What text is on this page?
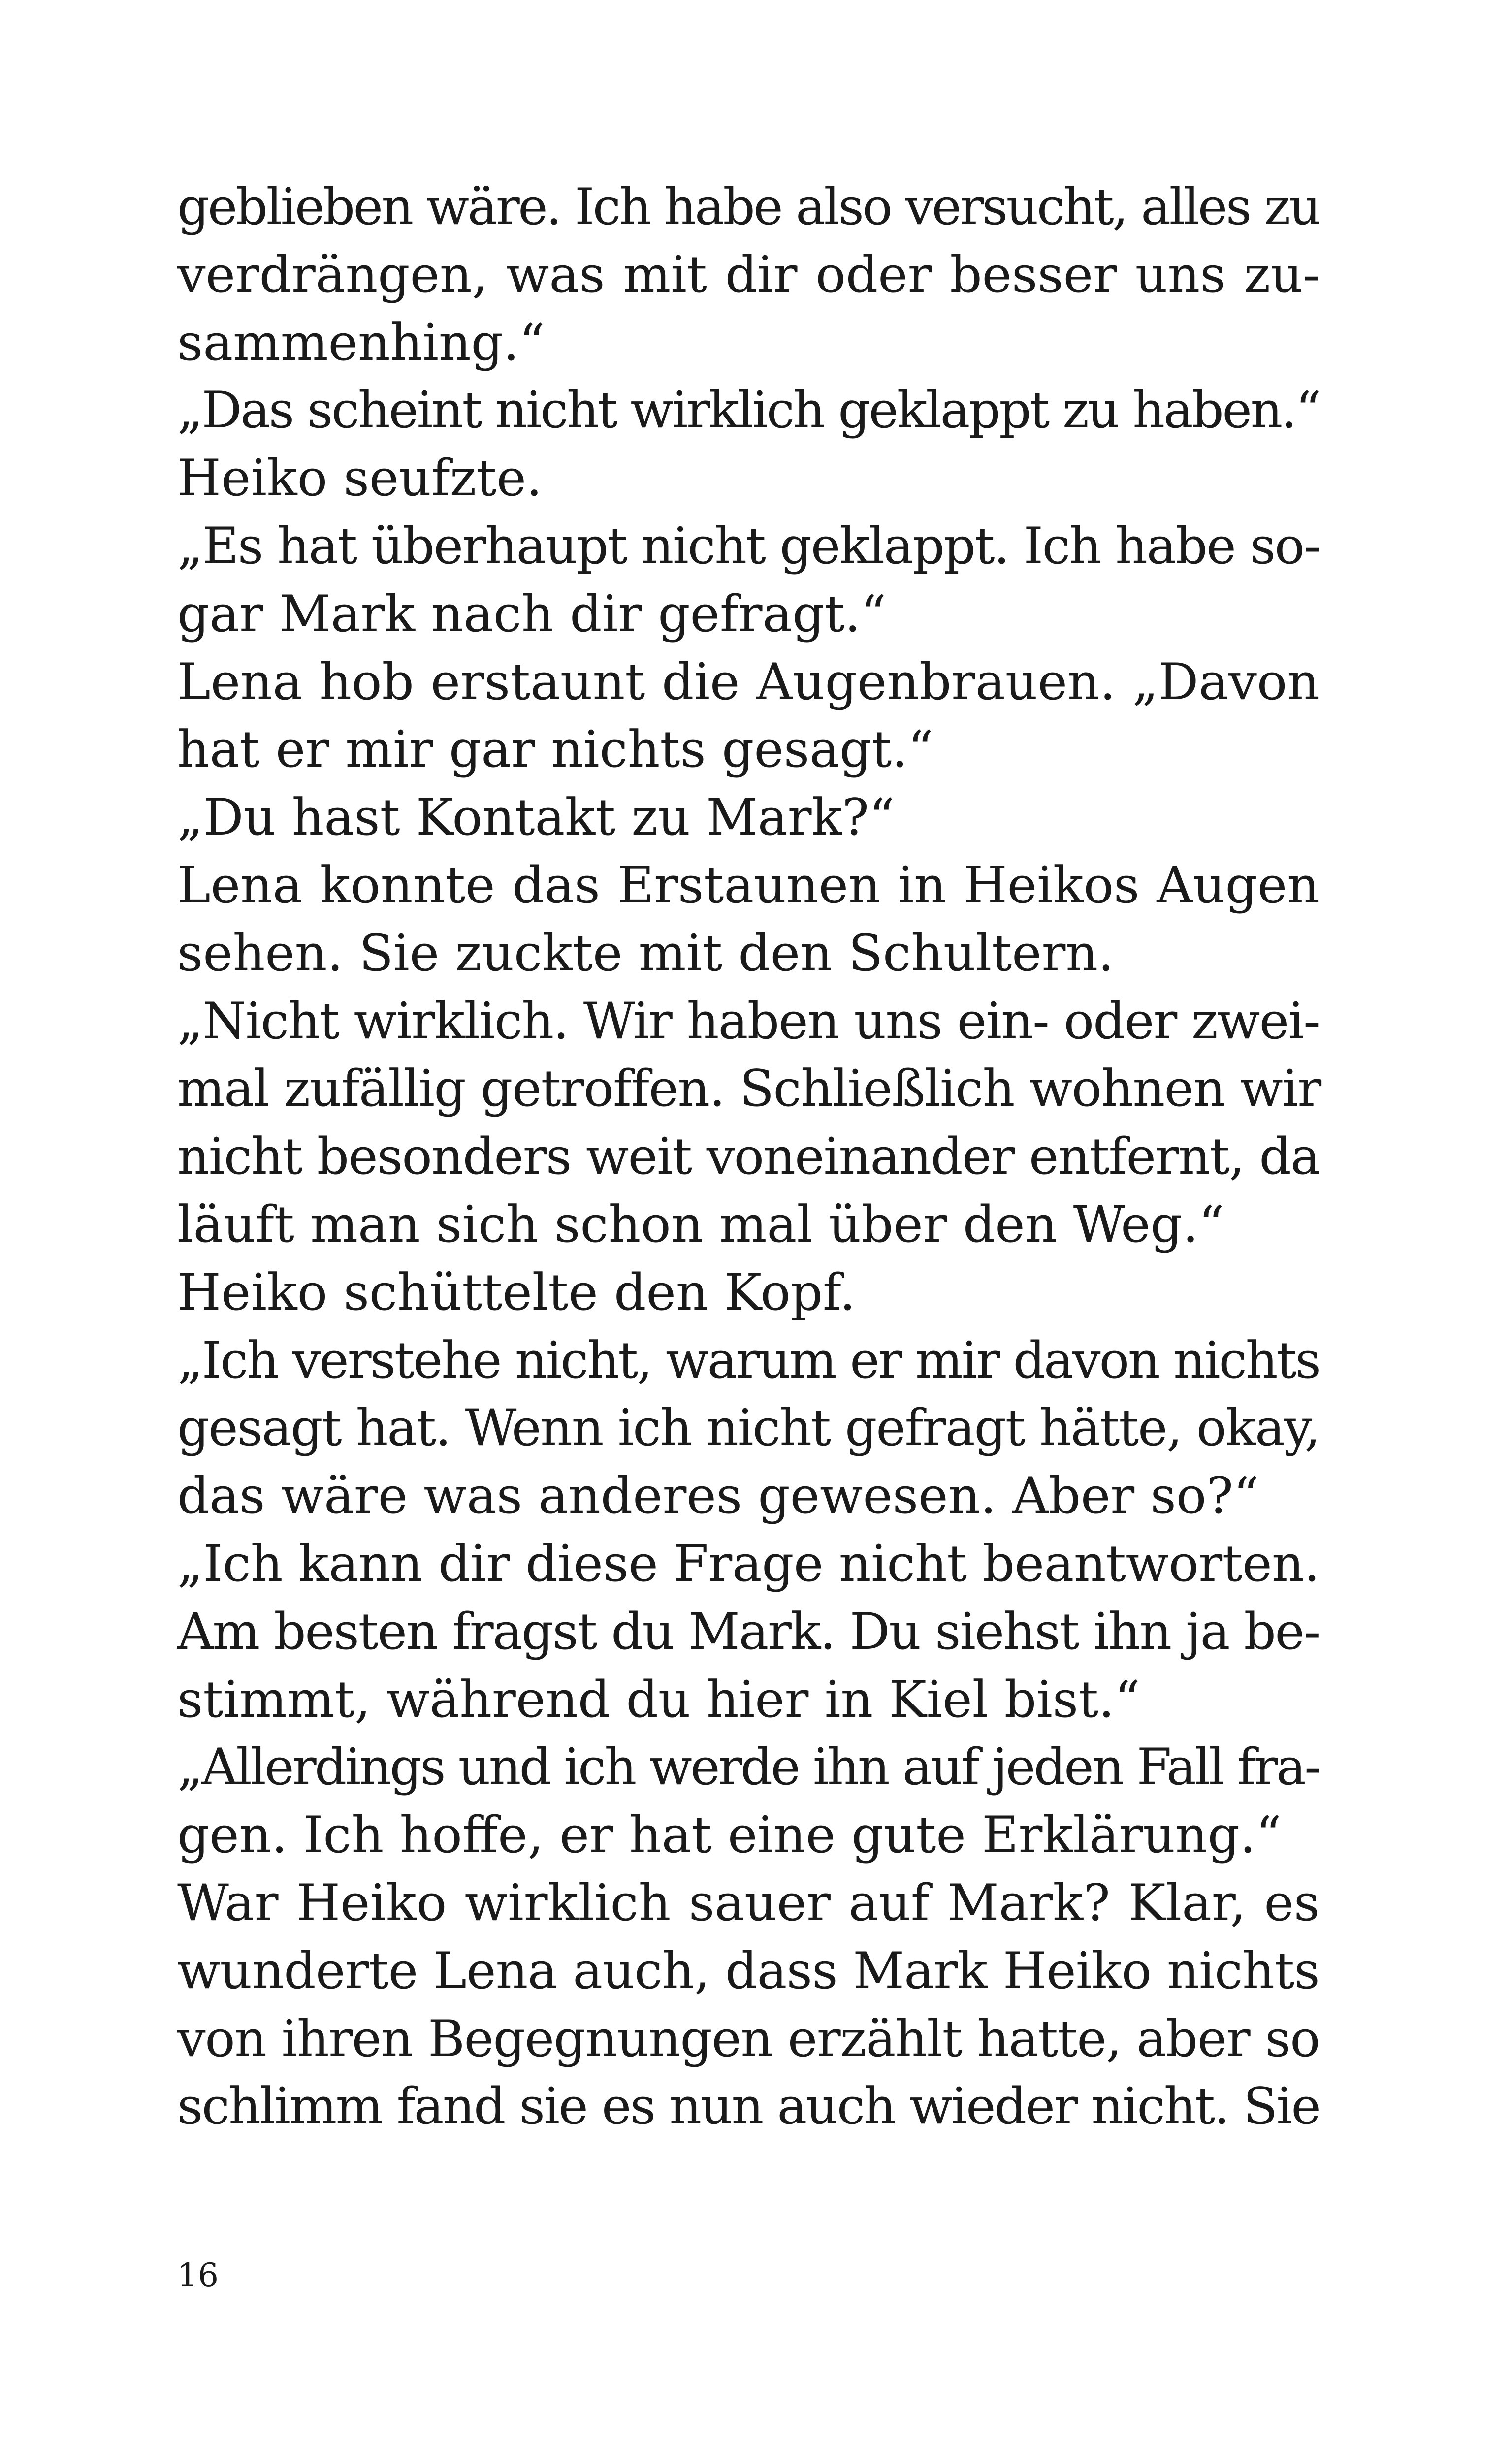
geblieben wäre. Ich habe also versucht, alles zu
verdrängen, was mit dir oder besser uns zu-
sammenhing.“
„Das scheint nicht wirklich geklappt zu haben.“
Heiko seufzte.
„Es hat überhaupt nicht geklappt. Ich habe so-
gar Mark nach dir gefragt.“
Lena hob erstaunt die Augenbrauen. „Davon
hat er mir gar nichts gesagt.“
„Du hast Kontakt zu Mark?“
Lena konnte das Erstaunen in Heikos Augen
sehen. Sie zuckte mit den Schultern.
„Nicht wirklich. Wir haben uns ein- oder zwei-
mal zufällig getroffen. Schließlich wohnen wir
nicht besonders weit voneinander entfernt, da
läuft man sich schon mal über den Weg.“
Heiko schüttelte den Kopf.
„Ich verstehe nicht, warum er mir davon nichts
gesagt hat. Wenn ich nicht gefragt hätte, okay,
das wäre was anderes gewesen. Aber so?“
„Ich kann dir diese Frage nicht beantworten.
Am besten fragst du Mark. Du siehst ihn ja be-
stimmt, während du hier in Kiel bist.“
„Allerdings und ich werde ihn auf jeden Fall fra-
gen. Ich hoffe, er hat eine gute Erklärung.“
War Heiko wirklich sauer auf Mark? Klar, es
wunderte Lena auch, dass Mark Heiko nichts
von ihren Begegnungen erzählt hatte, aber so
schlimm fand sie es nun auch wieder nicht. Sie
16
